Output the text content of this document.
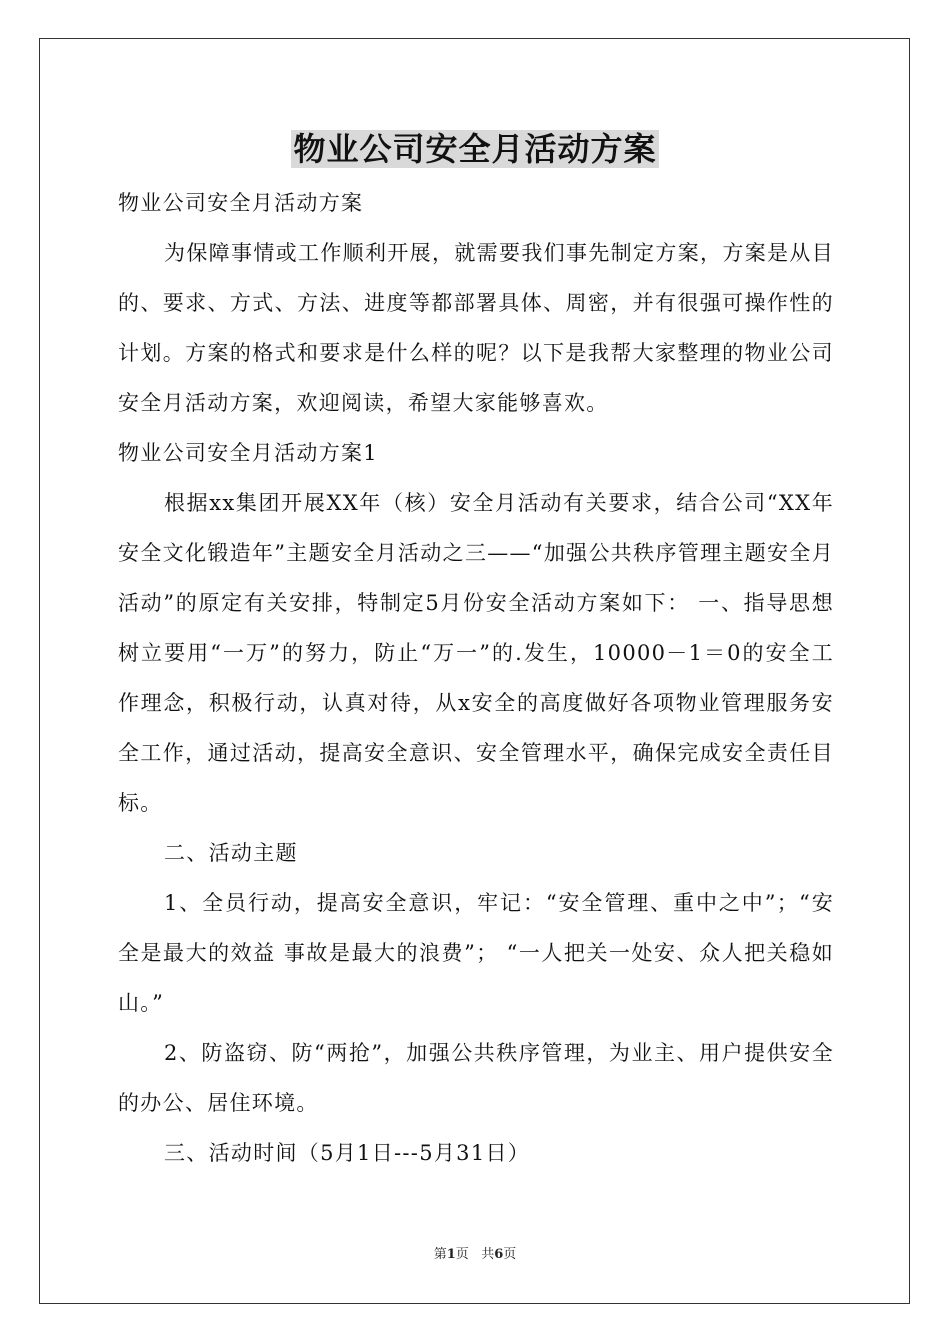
物业公司安全月活动方案

物业公司安全月活动方案

为保障事情或工作顺利开展，就需要我们事先制定方案，方案是从目的、要求、方式、方法、进度等都部署具体、周密，并有很强可操作性的计划。方案的格式和要求是什么样的呢？以下是我帮大家整理的物业公司安全月活动方案，欢迎阅读，希望大家能够喜欢。

物业公司安全月活动方案1

根据xx集团开展XX年（核）安全月活动有关要求，结合公司“XX年安全文化锻造年”主题安全月活动之三——“加强公共秩序管理主题安全月活动”的原定有关安排，特制定5月份安全活动方案如下： 一、指导思想树立要用“一万”的努力，防止“万一”的.发生，10000－1＝0的安全工作理念，积极行动，认真对待，从x安全的高度做好各项物业管理服务安全工作，通过活动，提高安全意识、安全管理水平，确保完成安全责任目标。

二、活动主题

1、全员行动，提高安全意识，牢记：“安全管理、重中之中”；“安全是最大的效益 事故是最大的浪费”； “一人把关一处安、众人把关稳如山。”

2、防盗窃、防“两抢”，加强公共秩序管理，为业主、用户提供安全的办公、居住环境。

三、活动时间（5月1日---5月31日）

第1页 共6页
